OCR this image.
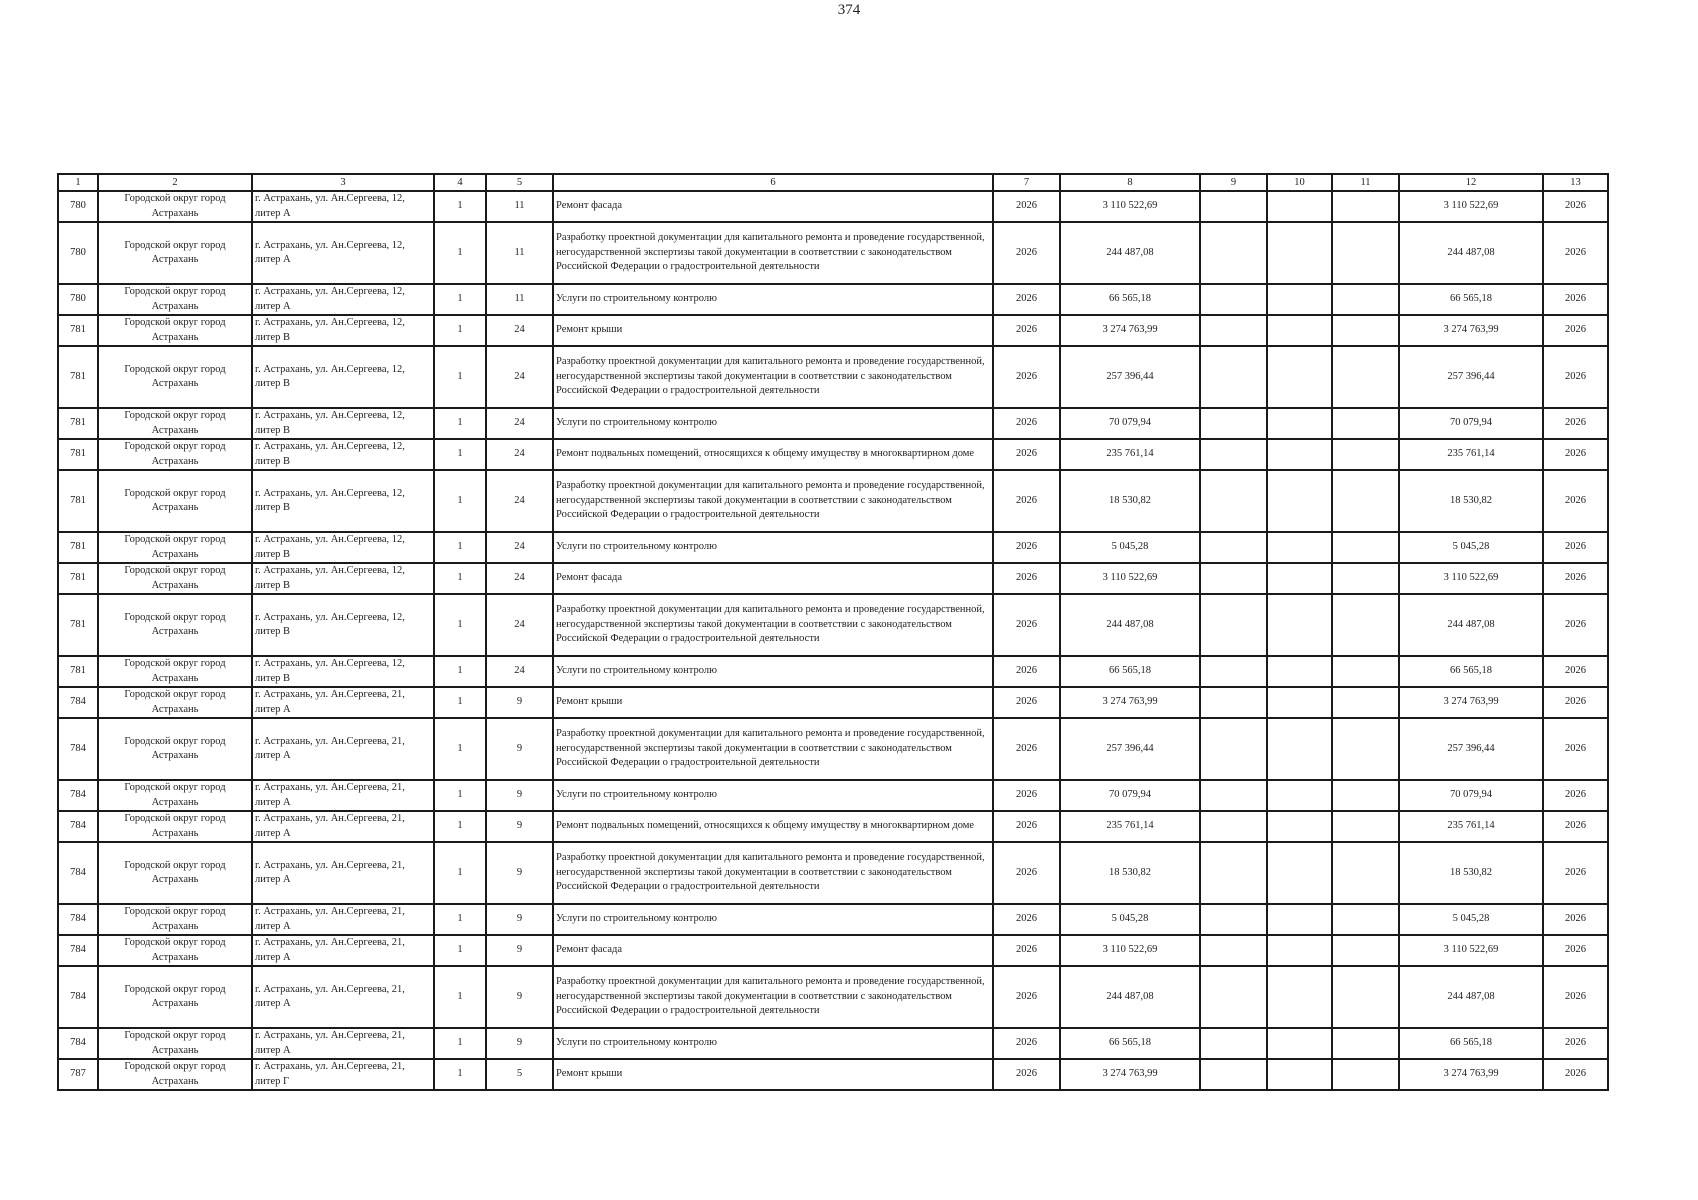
374
1	2	3	4	5	6	7	8	9	10	11	12	13
780	Городской округ город Астрахань	г. Астрахань, ул. Ан.Сергеева, 12, литер А	1	11	Ремонт фасада	2026	3 110 522,69				3 110 522,69	2026
780	Городской округ город Астрахань	г. Астрахань, ул. Ан.Сергеева, 12, литер А	1	11	Разработку проектной документации для капитального ремонта и проведение государственной, негосударственной экспертизы такой документации в соответствии с законодательством Российской Федерации о градостроительной деятельности	2026	244 487,08				244 487,08	2026
780	Городской округ город Астрахань	г. Астрахань, ул. Ан.Сергеева, 12, литер А	1	11	Услуги по строительному контролю	2026	66 565,18				66 565,18	2026
781	Городской округ город Астрахань	г. Астрахань, ул. Ан.Сергеева, 12, литер В	1	24	Ремонт крыши	2026	3 274 763,99				3 274 763,99	2026
781	Городской округ город Астрахань	г. Астрахань, ул. Ан.Сергеева, 12, литер В	1	24	Разработку проектной документации для капитального ремонта и проведение государственной, негосударственной экспертизы такой документации в соответствии с законодательством Российской Федерации о градостроительной деятельности	2026	257 396,44				257 396,44	2026
781	Городской округ город Астрахань	г. Астрахань, ул. Ан.Сергеева, 12, литер В	1	24	Услуги по строительному контролю	2026	70 079,94				70 079,94	2026
781	Городской округ город Астрахань	г. Астрахань, ул. Ан.Сергеева, 12, литер В	1	24	Ремонт подвальных помещений, относящихся к общему имуществу в многоквартирном доме	2026	235 761,14				235 761,14	2026
781	Городской округ город Астрахань	г. Астрахань, ул. Ан.Сергеева, 12, литер В	1	24	Разработку проектной документации для капитального ремонта и проведение государственной, негосударственной экспертизы такой документации в соответствии с законодательством Российской Федерации о градостроительной деятельности	2026	18 530,82				18 530,82	2026
781	Городской округ город Астрахань	г. Астрахань, ул. Ан.Сергеева, 12, литер В	1	24	Услуги по строительному контролю	2026	5 045,28				5 045,28	2026
781	Городской округ город Астрахань	г. Астрахань, ул. Ан.Сергеева, 12, литер В	1	24	Ремонт фасада	2026	3 110 522,69				3 110 522,69	2026
781	Городской округ город Астрахань	г. Астрахань, ул. Ан.Сергеева, 12, литер В	1	24	Разработку проектной документации для капитального ремонта и проведение государственной, негосударственной экспертизы такой документации в соответствии с законодательством Российской Федерации о градостроительной деятельности	2026	244 487,08				244 487,08	2026
781	Городской округ город Астрахань	г. Астрахань, ул. Ан.Сергеева, 12, литер В	1	24	Услуги по строительному контролю	2026	66 565,18				66 565,18	2026
784	Городской округ город Астрахань	г. Астрахань, ул. Ан.Сергеева, 21, литер А	1	9	Ремонт крыши	2026	3 274 763,99				3 274 763,99	2026
784	Городской округ город Астрахань	г. Астрахань, ул. Ан.Сергеева, 21, литер А	1	9	Разработку проектной документации для капитального ремонта и проведение государственной, негосударственной экспертизы такой документации в соответствии с законодательством Российской Федерации о градостроительной деятельности	2026	257 396,44				257 396,44	2026
784	Городской округ город Астрахань	г. Астрахань, ул. Ан.Сергеева, 21, литер А	1	9	Услуги по строительному контролю	2026	70 079,94				70 079,94	2026
784	Городской округ город Астрахань	г. Астрахань, ул. Ан.Сергеева, 21, литер А	1	9	Ремонт подвальных помещений, относящихся к общему имуществу в многоквартирном доме	2026	235 761,14				235 761,14	2026
784	Городской округ город Астрахань	г. Астрахань, ул. Ан.Сергеева, 21, литер А	1	9	Разработку проектной документации для капитального ремонта и проведение государственной, негосударственной экспертизы такой документации в соответствии с законодательством Российской Федерации о градостроительной деятельности	2026	18 530,82				18 530,82	2026
784	Городской округ город Астрахань	г. Астрахань, ул. Ан.Сергеева, 21, литер А	1	9	Услуги по строительному контролю	2026	5 045,28				5 045,28	2026
784	Городской округ город Астрахань	г. Астрахань, ул. Ан.Сергеева, 21, литер А	1	9	Ремонт фасада	2026	3 110 522,69				3 110 522,69	2026
784	Городской округ город Астрахань	г. Астрахань, ул. Ан.Сергеева, 21, литер А	1	9	Разработку проектной документации для капитального ремонта и проведение государственной, негосударственной экспертизы такой документации в соответствии с законодательством Российской Федерации о градостроительной деятельности	2026	244 487,08				244 487,08	2026
784	Городской округ город Астрахань	г. Астрахань, ул. Ан.Сергеева, 21, литер А	1	9	Услуги по строительному контролю	2026	66 565,18				66 565,18	2026
787	Городской округ город Астрахань	г. Астрахань, ул. Ан.Сергеева, 21, литер Г	1	5	Ремонт крыши	2026	3 274 763,99				3 274 763,99	2026
